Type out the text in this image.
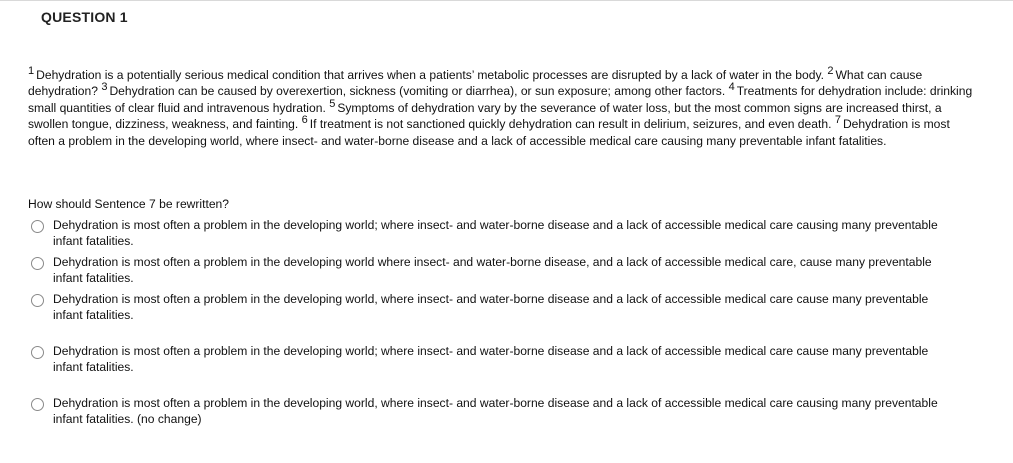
QUESTION 1
$^1$ Dehydration is a potentially serious medical condition that arrives when a patients’ metabolic processes are disrupted by a lack of water in the body. $^2$ What can cause dehydration? $^3$ Dehydration can be caused by overexertion, sickness (vomiting or diarrhea), or sun exposure; among other factors. $^4$ Treatments for dehydration include: drinking small quantities of clear fluid and intravenous hydration. $^5$ Symptoms of dehydration vary by the severance of water loss, but the most common signs are increased thirst, a swollen tongue, dizziness, weakness, and fainting. $^6$ If treatment is not sanctioned quickly dehydration can result in delirium, seizures, and even death. $^7$ Dehydration is most often a problem in the developing world, where insect- and water-borne disease and a lack of accessible medical care causing many preventable infant fatalities.
How should Sentence 7 be rewritten?
Dehydration is most often a problem in the developing world; where insect- and water-borne disease and a lack of accessible medical care causing many preventable infant fatalities.
Dehydration is most often a problem in the developing world where insect- and water-borne disease, and a lack of accessible medical care, cause many preventable infant fatalities.
Dehydration is most often a problem in the developing world, where insect- and water-borne disease and a lack of accessible medical care cause many preventable infant fatalities.
Dehydration is most often a problem in the developing world; where insect- and water-borne disease and a lack of accessible medical care cause many preventable infant fatalities.
Dehydration is most often a problem in the developing world, where insect- and water-borne disease and a lack of accessible medical care causing many preventable infant fatalities. (no change)
